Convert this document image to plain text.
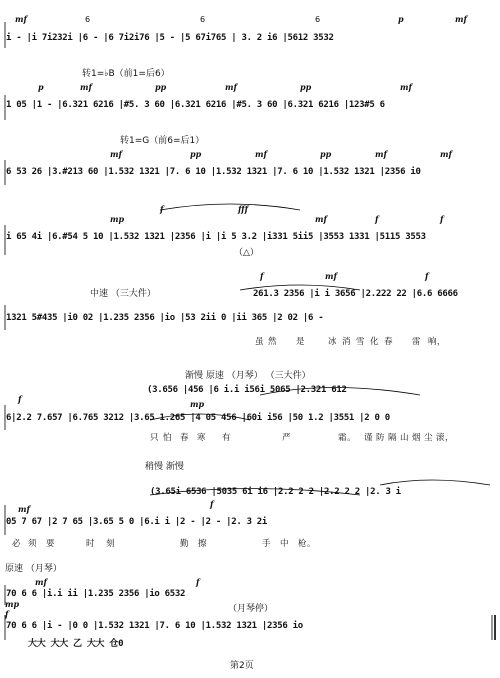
mf	p	mf
6	6	6
i - |i 7i232i |6 - |6 7i2i76 |5 - |5 67i765 | 3. 2 i6 |5612 3532
转1=♭B（前1=后6）
p	mf	pp	mf	pp	mf
1 05 |1 - |6.321 6216 |#5. 3 60 |6.321 6216 |#5. 3 60 |6.321 6216 |123#5 6
转1=G（前6=后1）
mf	pp	mf	pp	mf	mf
6 53 26 |3.#213 60 |1.532 1321 |7. 6 10 |1.532 1321 |7. 6 10 |1.532 1321 |2356 i0
mp
f	fff
mf	f	f
i 65 4i |6.#54 5 10 |1.532 1321 |2356 |i |i 5 3.2 |i331 5ii5 |3553 1331 |5115 3553
（△）
中速 （三大件）
f	mf	f
261.3 2356 |i i 3656 |2.222 22 |6.6 6666
1321 5#435 |i0 02 |1.235 2356 |io |53 2ii 0 |ii 365 |2 02 |6 -
虽 然 是	冰 消 雪 化 春 雷 响，
渐慢 原速 （月琴） （三大件）
(3.656 |456 |6 i.i i56i 5065 |2.321 612
f	mp
6|2.2 7.657 |6.765 3212 |3.65 1.265 |4 05 456 |60i i56 |50 1.2 |3551 |2 0 0
只 怕 春 寒 有	严	霜。 谨 防 隔 山 烟 尘 滚，
稍慢 渐慢
(3.65i 6536 |5035 6i i6 |2.2 2 2 |2.2 2 2 |2. 3 i
mf	f
05 7 67 |2 7 65 |3.65 5 0 |6.i i |2 - |2 - |2. 3 2i
必 须 要	时 刻	勤 擦	手 中 枪。
原速 （月琴）
mf	f
70 6 6 |i.i ii |1.235 2356 |io 6532
（月琴停）
mp
f
70 6 6 |i - |0 0 |1.532 1321 |7. 6 10 |1.532 1321 |2356 io
大大 大大 乙 大大 仓0
第2页
